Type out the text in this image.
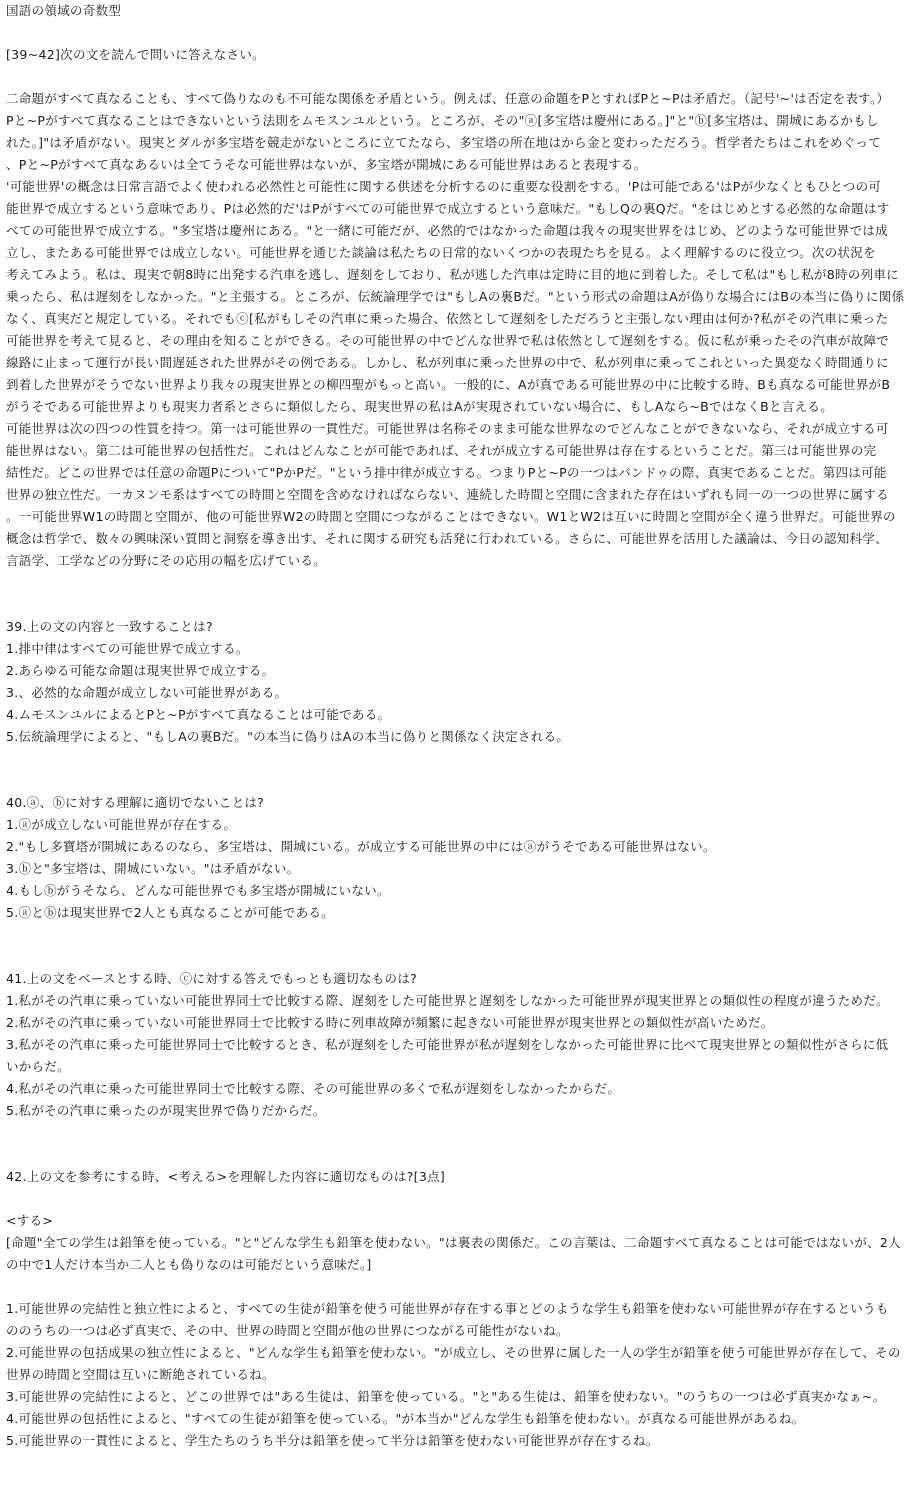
国語の領域の奇数型
[39~42]次の文を読んで問いに答えなさい。
二命題がすべて真なることも、すべて偽りなのも不可能な関係を矛盾という。例えば、任意の命題をPとすればPと~Pは矛盾だ。（記号'~'は否定を表す。）
Pと~Pがすべて真なることはできないという法則をムモスンユルという。ところが、その"ⓐ[多宝塔は慶州にある。]"と"ⓑ[多宝塔は、開城にあるかもし
れた。]"は矛盾がない。現実とダルが多宝塔を競走がないところに立てたなら、多宝塔の所在地はから金と変わっただろう。哲学者たちはこれをめぐって
、Pと~Pがすべて真なあるいは全てうそな可能世界はないが、多宝塔が開城にある可能世界はあると表現する。
'可能世界'の概念は日常言語でよく使われる必然性と可能性に関する供述を分析するのに重要な役割をする。'Pは可能である'はPが少なくともひとつの可
能世界で成立するという意味であり、Pは必然的だ'はPがすべての可能世界で成立するという意味だ。"もしQの裏Qだ。"をはじめとする必然的な命題はす
べての可能世界で成立する。"多宝塔は慶州にある。"と一緒に可能だが、必然的ではなかった命題は我々の現実世界をはじめ、どのような可能世界では成
立し、またある可能世界では成立しない。可能世界を通じた談論は私たちの日常的ないくつかの表現たちを見る。よく理解するのに役立つ。次の状況を
考えてみよう。私は、現実で朝8時に出発する汽車を逃し、遅刻をしており、私が逃した汽車は定時に目的地に到着した。そして私は"もし私が8時の列車に
乗ったら、私は遅刻をしなかった。"と主張する。ところが、伝統論理学では"もしAの裏Bだ。"という形式の命題はAが偽りな場合にはBの本当に偽りに関係
なく、真実だと規定している。それでもⓒ[私がもしその汽車に乗った場合、依然として遅刻をしただろうと主張しない理由は何か?私がその汽車に乗った
可能世界を考えて見ると、その理由を知ることができる。その可能世界の中でどんな世界で私は依然として遅刻をする。仮に私が乗ったその汽車が故障で
線路に止まって運行が長い間遅延された世界がその例である。しかし、私が列車に乗った世界の中で、私が列車に乗ってこれといった異変なく時間通りに
到着した世界がそうでない世界より我々の現実世界との柳四聖がもっと高い。一般的に、Aが真である可能世界の中に比較する時、Bも真なる可能世界がB
がうそである可能世界よりも現実力者系とさらに類似したら、現実世界の私はAが実現されていない場合に、もしAなら~BではなくBと言える。
可能世界は次の四つの性質を持つ。第一は可能世界の一貫性だ。可能世界は名称そのまま可能な世界なのでどんなことができないなら、それが成立する可
能世界はない。第二は可能世界の包括性だ。これはどんなことが可能であれば、それが成立する可能世界は存在するということだ。第三は可能世界の完
結性だ。どこの世界では任意の命題Pについて"PかPだ。"という排中律が成立する。つまりPと~Pの一つはバンドゥの際、真実であることだ。第四は可能
世界の独立性だ。一カヌンモ系はすべての時間と空間を含めなければならない、連続した時間と空間に含まれた存在はいずれも同一の一つの世界に属する
。一可能世界W1の時間と空間が、他の可能世界W2の時間と空間につながることはできない。W1とW2は互いに時間と空間が全く違う世界だ。可能世界の
概念は哲学で、数々の興味深い質問と洞察を導き出す、それに関する研究も活発に行われている。さらに、可能世界を活用した議論は、今日の認知科学、
言語学、工学などの分野にその応用の幅を広げている。
39.上の文の内容と一致することは?
1.排中律はすべての可能世界で成立する。
2.あらゆる可能な命題は現実世界で成立する。
3.、必然的な命題が成立しない可能世界がある。
4.ムモスンユルによるとPと~Pがすべて真なることは可能である。
5.伝統論理学によると、"もしAの裏Bだ。"の本当に偽りはAの本当に偽りと関係なく決定される。
40.ⓐ、ⓑに対する理解に適切でないことは?
1.ⓐが成立しない可能世界が存在する。
2."もし多寶塔が開城にあるのなら、多宝塔は、開城にいる。が成立する可能世界の中にはⓐがうそである可能世界はない。
3.ⓑと"多宝塔は、開城にいない。"は矛盾がない。
4.もしⓑがうそなら、どんな可能世界でも多宝塔が開城にいない。
5.ⓐとⓑは現実世界で2人とも真なることが可能である。
41.上の文をベースとする時、ⓒに対する答えでもっとも適切なものは?
1.私がその汽車に乗っていない可能世界同士で比較する際、遅刻をした可能世界と遅刻をしなかった可能世界が現実世界との類似性の程度が違うためだ。
2.私がその汽車に乗っていない可能世界同士で比較する時に列車故障が頻繁に起きない可能世界が現実世界との類似性が高いためだ。
3.私がその汽車に乗った可能世界同士で比較するとき、私が遅刻をした可能世界が私が遅刻をしなかった可能世界に比べて現実世界との類似性がさらに低
いからだ。
4.私がその汽車に乗った可能世界同士で比較する際、その可能世界の多くで私が遅刻をしなかったからだ。
5.私がその汽車に乗ったのが現実世界で偽りだからだ。
42.上の文を参考にする時、<考える>を理解した内容に適切なものは?[3点]
<する>
[命題"全ての学生は鉛筆を使っている。"と"どんな学生も鉛筆を使わない。"は裏表の関係だ。この言葉は、二命題すべて真なることは可能ではないが、2人
の中で1人だけ本当か二人とも偽りなのは可能だという意味だ。]
1.可能世界の完結性と独立性によると、すべての生徒が鉛筆を使う可能世界が存在する事とどのような学生も鉛筆を使わない可能世界が存在するというも
ののうちの一つは必ず真実で、その中、世界の時間と空間が他の世界につながる可能性がないね。
2.可能世界の包括成果の独立性によると、"どんな学生も鉛筆を使わない。"が成立し、その世界に属した一人の学生が鉛筆を使う可能世界が存在して、その
世界の時間と空間は互いに断絶されているね。
3.可能世界の完結性によると、どこの世界では"ある生徒は、鉛筆を使っている。"と"ある生徒は、鉛筆を使わない。"のうちの一つは必ず真実かなぁ~。
4.可能世界の包括性によると、"すべての生徒が鉛筆を使っている。"が本当か"どんな学生も鉛筆を使わない。が真なる可能世界があるね。
5.可能世界の一貫性によると、学生たちのうち半分は鉛筆を使って半分は鉛筆を使わない可能世界が存在するね。
